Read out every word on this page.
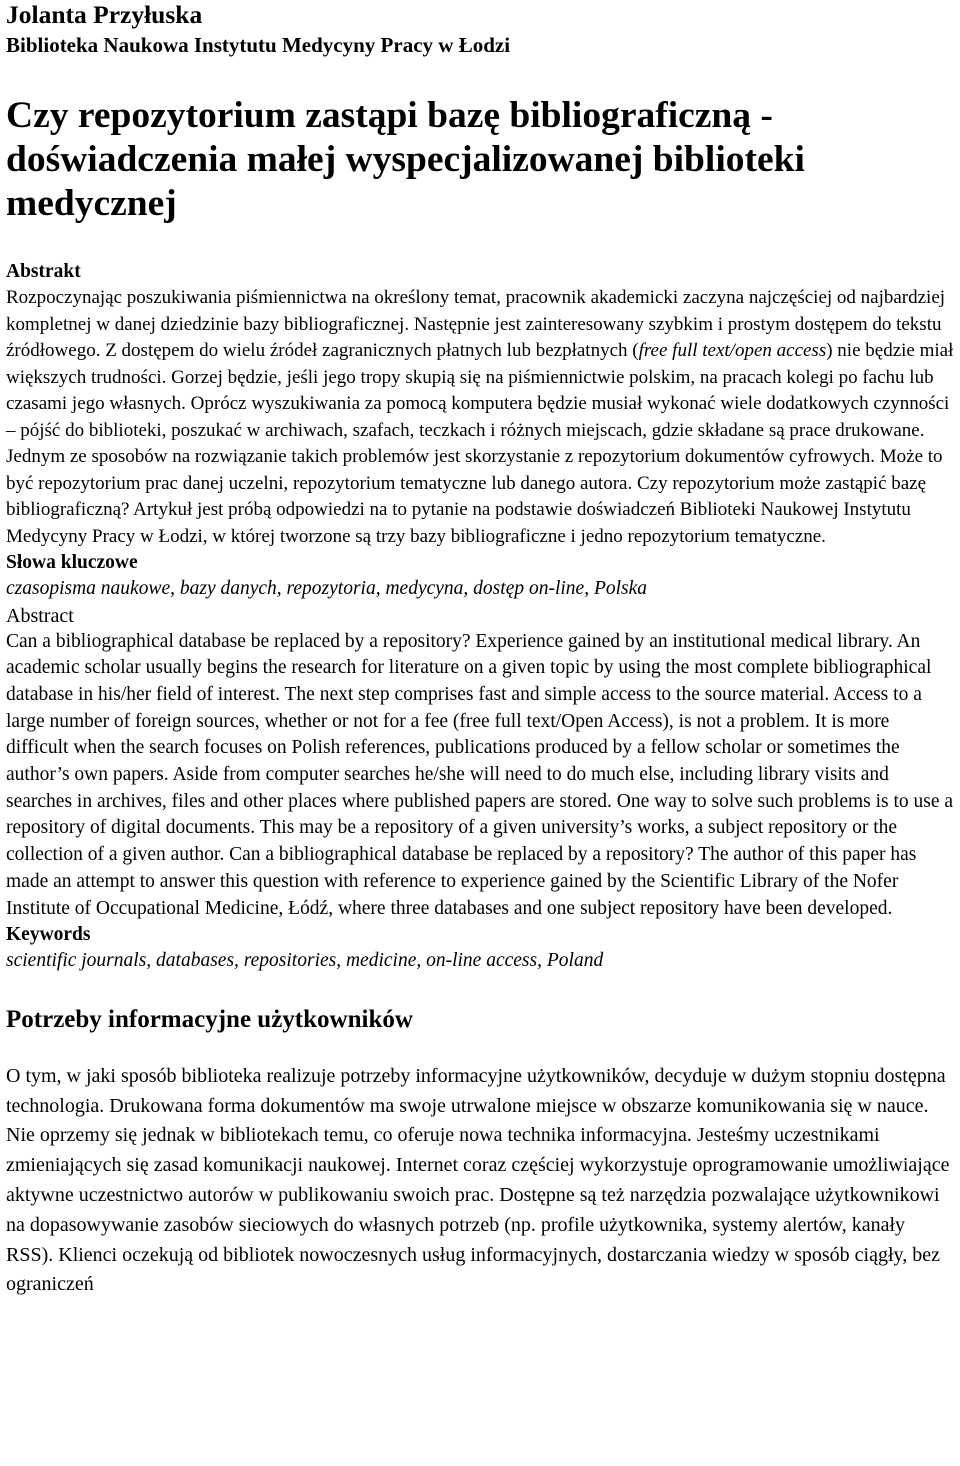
Jolanta Przyłuska

Biblioteka Naukowa Instytutu Medycyny Pracy w Łodzi

Czy repozytorium zastąpi bazę bibliograficzną - doświadczenia małej wyspecjalizowanej biblioteki medycznej

Abstrakt

Rozpoczynając poszukiwania piśmiennictwa na określony temat, pracownik akademicki zaczyna najczęściej od najbardziej kompletnej w danej dziedzinie bazy bibliograficznej. Następnie jest zainteresowany szybkim i prostym dostępem do tekstu źródłowego. Z dostępem do wielu źródeł zagranicznych płatnych lub bezpłatnych (free full text/open access) nie będzie miał większych trudności. Gorzej będzie, jeśli jego tropy skupią się na piśmiennictwie polskim, na pracach kolegi po fachu lub czasami jego własnych. Oprócz wyszukiwania za pomocą komputera będzie musiał wykonać wiele dodatkowych czynności – pójść do biblioteki, poszukać w archiwach, szafach, teczkach i różnych miejscach, gdzie składane są prace drukowane. Jednym ze sposobów na rozwiązanie takich problemów jest skorzystanie z repozytorium dokumentów cyfrowych. Może to być repozytorium prac danej uczelni, repozytorium tematyczne lub danego autora. Czy repozytorium może zastąpić bazę bibliograficzną? Artykuł jest próbą odpowiedzi na to pytanie na podstawie doświadczeń Biblioteki Naukowej Instytutu Medycyny Pracy w Łodzi, w której tworzone są trzy bazy bibliograficzne i jedno repozytorium tematyczne.

Słowa kluczowe

czasopisma naukowe, bazy danych, repozytoria, medycyna, dostęp on-line, Polska

Abstract

Can a bibliographical database be replaced by a repository? Experience gained by an institutional medical library. An academic scholar usually begins the research for literature on a given topic by using the most complete bibliographical database in his/her field of interest. The next step comprises fast and simple access to the source material. Access to a large number of foreign sources, whether or not for a fee (free full text/Open Access), is not a problem. It is more difficult when the search focuses on Polish references, publications produced by a fellow scholar or sometimes the author’s own papers. Aside from computer searches he/she will need to do much else, including library visits and searches in archives, files and other places where published papers are stored. One way to solve such problems is to use a repository of digital documents. This may be a repository of a given university’s works, a subject repository or the collection of a given author. Can a bibliographical database be replaced by a repository? The author of this paper has made an attempt to answer this question with reference to experience gained by the Scientific Library of the Nofer Institute of Occupational Medicine, Łódź, where three databases and one subject repository have been developed.

Keywords

scientific journals, databases, repositories, medicine, on-line access, Poland

Potrzeby informacyjne użytkowników

O tym, w jaki sposób biblioteka realizuje potrzeby informacyjne użytkowników, decyduje w dużym stopniu dostępna technologia. Drukowana forma dokumentów ma swoje utrwalone miejsce w obszarze komunikowania się w nauce. Nie oprzemy się jednak w bibliotekach temu, co oferuje nowa technika informacyjna. Jesteśmy uczestnikami zmieniających się zasad komunikacji naukowej. Internet coraz częściej wykorzystuje oprogramowanie umożliwiające aktywne uczestnictwo autorów w publikowaniu swoich prac. Dostępne są też narzędzia pozwalające użytkownikowi na dopasowywanie zasobów sieciowych do własnych potrzeb (np. profile użytkownika, systemy alertów, kanały RSS). Klienci oczekują od bibliotek nowoczesnych usług informacyjnych, dostarczania wiedzy w sposób ciągły, bez ograniczeń
